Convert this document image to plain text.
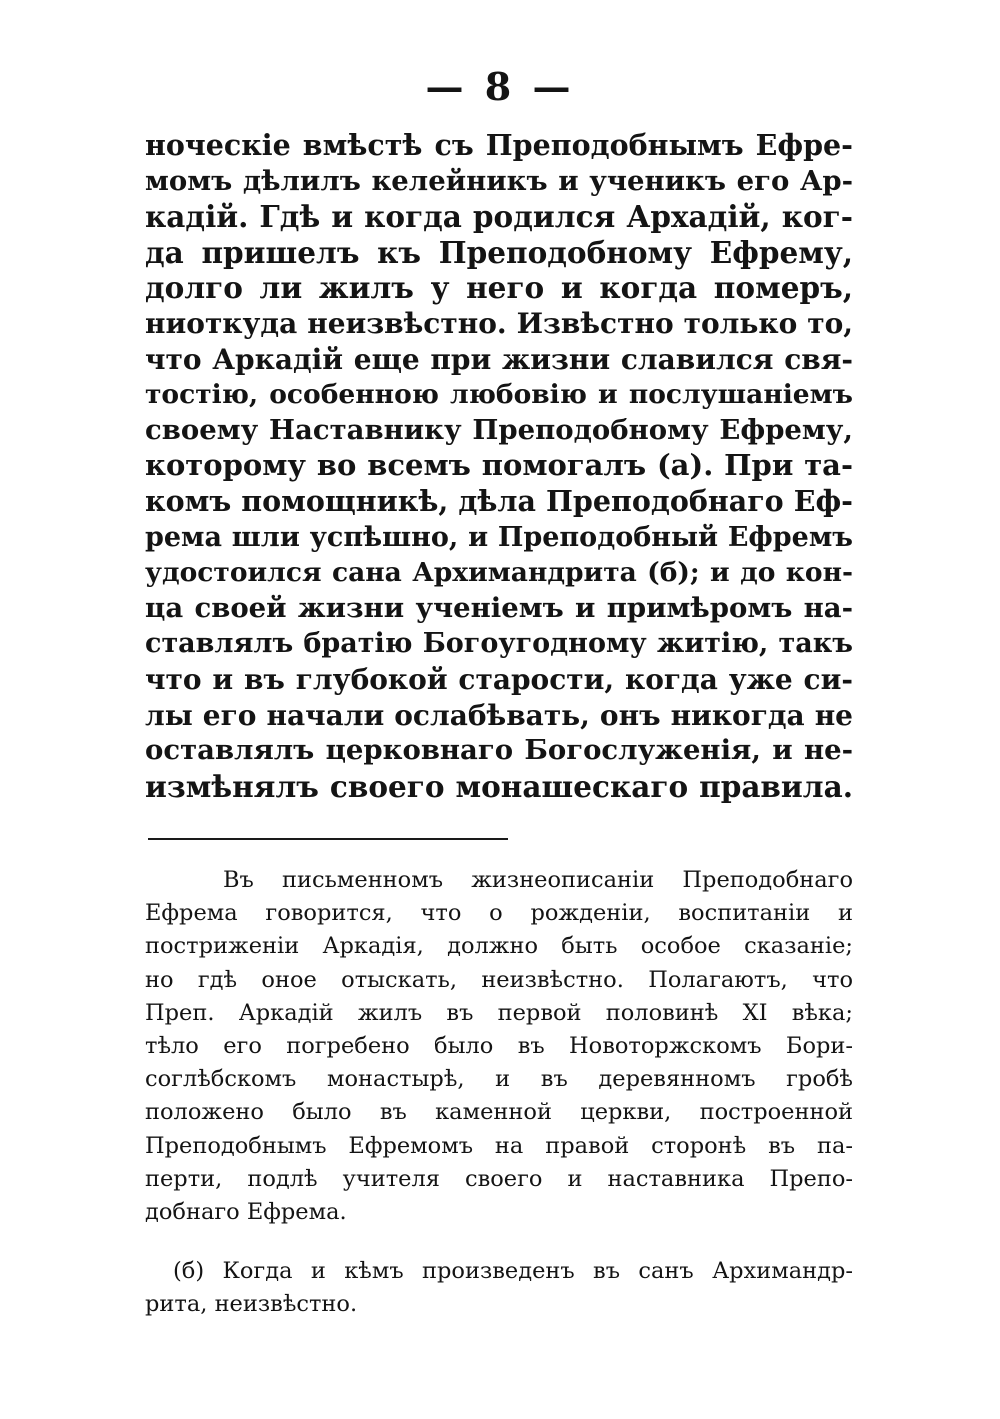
— 8 —
ночеcкie вмѣстѣ съ Преподобнымъ Ефре-
момъ дѣлилъ келейникъ и ученикъ его Ар-
кадій. Гдѣ и когда родился Архадій, ког-
да пришелъ къ Преподобному Ефрему,
долго ли жилъ у него и когда померъ,
ниоткуда неизвѣстно. Извѣстно только то,
что Аркадій еще при жизни славился свя-
тостію, особенною любовію и послушаніемъ
своему Наставнику Преподобному Ефрему,
которому во всемъ помогалъ (а). При та-
комъ помощникѣ, дѣла Преподобнаго Еф-
рема шли успѣшно, и Преподобный Ефремъ
удостоился сана Архимандрита (б); и до кон-
ца своей жизни ученіемъ и примѣромъ на-
ставлялъ братію Богоугодному житію, такъ
что и въ глубокой старости, когда уже си-
лы его начали ослабѣвать, онъ никогда не
оставлялъ церковнаго Богослуженія, и не-
измѣнялъ своего монашескаго правила.
Въ письменномъ жизнеописаніи Преподобнаго
Ефрема говорится, что о рожденіи, воспитаніи и
постриженіи Аркадія, должно быть особое сказаніе;
но гдѣ оное отыскать, неизвѣстно. Полагаютъ, что
Преп. Аркадій жилъ въ первой половинѣ XI вѣка;
тѣло его погребено было въ Новоторжскомъ Бори-
соглѣбскомъ монастырѣ, и въ деревянномъ гробѣ
положено было въ каменной церкви, построенной
Преподобнымъ Ефремомъ на правой сторонѣ въ па-
перти, подлѣ учителя своего и наставника Препо-
добнаго Ефрема.
(б) Когда и кѣмъ произведенъ въ санъ Архимандр-
рита, неизвѣстно.
